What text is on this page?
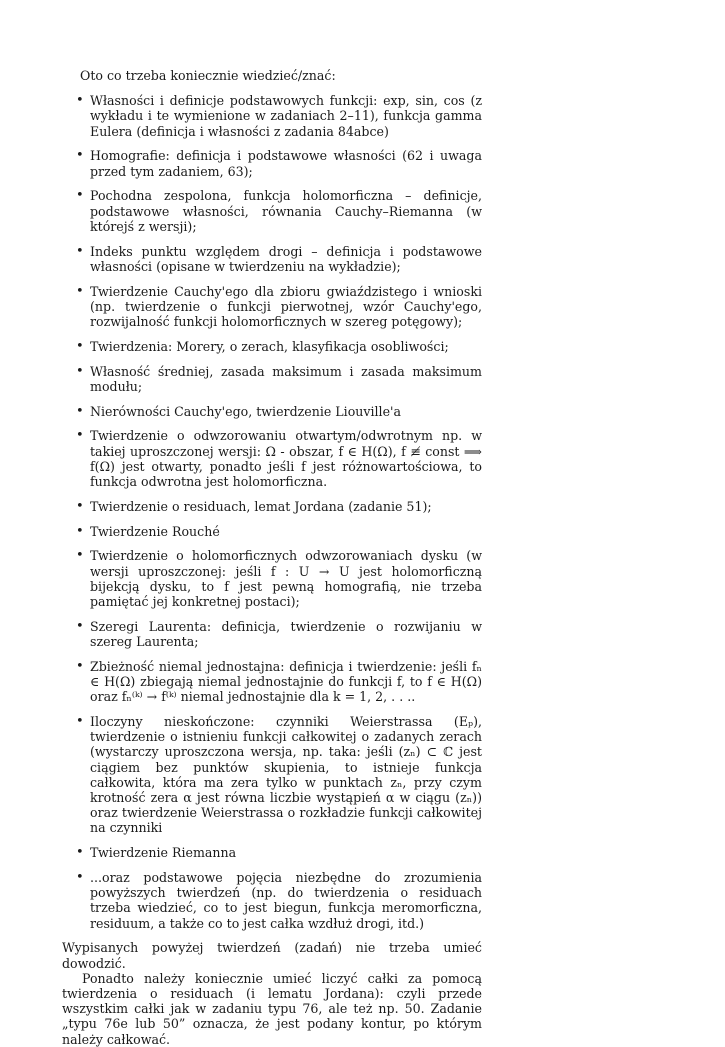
Oto co trzeba koniecznie wiedzieć/znać:
• Własności i definicje podstawowych funkcji: exp, sin, cos (z wykładu i te wymienione w zadaniach 2–11), funkcja gamma Eulera (definicja i własności z zadania 84abce)
• Homografie: definicja i podstawowe własności (62 i uwaga przed tym zadaniem, 63);
• Pochodna zespolona, funkcja holomorficzna – definicje, podstawowe własności, równania Cauchy–Riemanna (w którejś z wersji);
• Indeks punktu względem drogi – definicja i podstawowe własności (opisane w twierdzeniu na wykładzie);
• Twierdzenie Cauchy'ego dla zbioru gwiaździstego i wnioski (np. twierdzenie o funkcji pierwotnej, wzór Cauchy'ego, rozwijalność funkcji holomorficznych w szereg potęgowy);
• Twierdzenia: Morery, o zerach, klasyfikacja osobliwości;
• Własność średniej, zasada maksimum i zasada maksimum modułu;
• Nierówności Cauchy'ego, twierdzenie Liouville'a
• Twierdzenie o odwzorowaniu otwartym/odwrotnym np. w takiej uproszczonej wersji: Ω - obszar, f ∈ H(Ω), f ≢ const ⟹ f(Ω) jest otwarty, ponadto jeśli f jest różnowartościowa, to funkcja odwrotna jest holomorficzna.
• Twierdzenie o residuach, lemat Jordana (zadanie 51);
• Twierdzenie Rouché
• Twierdzenie o holomorficznych odwzorowaniach dysku (w wersji uproszczonej: jeśli f : U → U jest holomorficzną bijekcją dysku, to f jest pewną homografią, nie trzeba pamiętać jej konkretnej postaci);
• Szeregi Laurenta: definicja, twierdzenie o rozwijaniu w szereg Laurenta;
• Zbieżność niemal jednostajna: definicja i twierdzenie: jeśli fₙ ∈ H(Ω) zbiegają niemal jednostajnie do funkcji f, to f ∈ H(Ω) oraz fₙ⁽ᵏ⁾ → f⁽ᵏ⁾ niemal jednostajnie dla k = 1, 2, . . ..
• Iloczyny nieskończone: czynniki Weierstrassa (Eₚ), twierdzenie o istnieniu funkcji całkowitej o zadanych zerach (wystarczy uproszczona wersja, np. taka: jeśli (zₙ) ⊂ ℂ jest ciągiem bez punktów skupienia, to istnieje funkcja całkowita, która ma zera tylko w punktach zₙ, przy czym krotność zera α jest równa liczbie wystąpień α w ciągu (zₙ)) oraz twierdzenie Weierstrassa o rozkładzie funkcji całkowitej na czynniki
• Twierdzenie Riemanna
• ...oraz podstawowe pojęcia niezbędne do zrozumienia powyższych twierdzeń (np. do twierdzenia o residuach trzeba wiedzieć, co to jest biegun, funkcja meromorficzna, residuum, a także co to jest całka wzdłuż drogi, itd.)

Wypisanych powyżej twierdzeń (zadań) nie trzeba umieć dowodzić.

Ponadto należy koniecznie umieć liczyć całki za pomocą twierdzenia o residuach (i lematu Jordana): czyli przede wszystkim całki jak w zadaniu typu 76, ale też np. 50. Zadanie „typu 76e lub 50” oznacza, że jest podany kontur, po którym należy całkować.
